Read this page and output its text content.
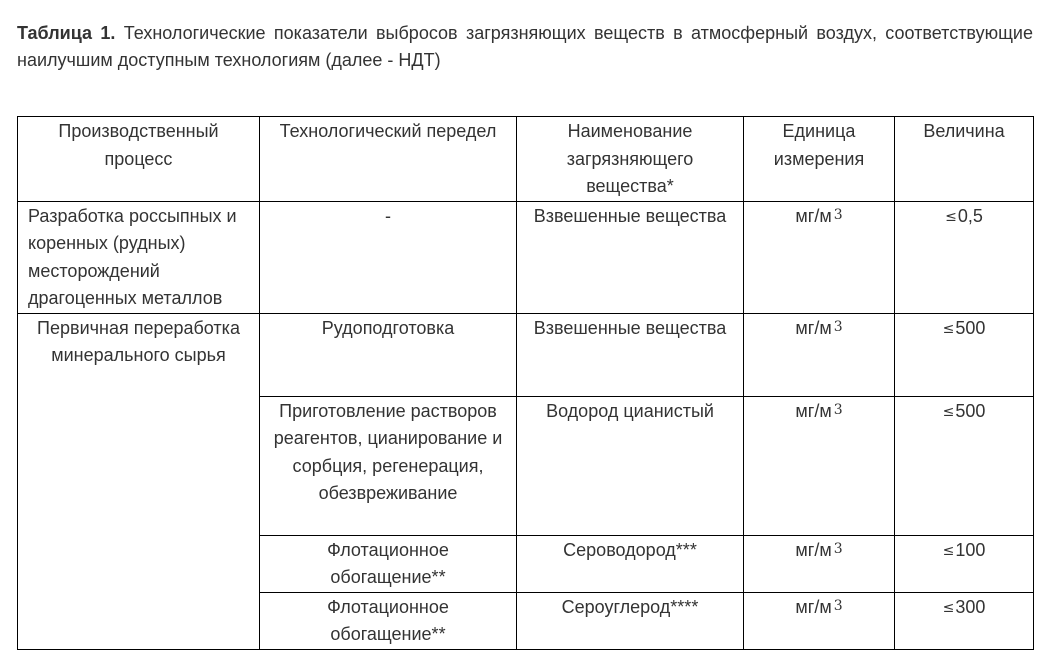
Таблица 1. Технологические показатели выбросов загрязняющих веществ в атмосферный воздух, соответствующие наилучшим доступным технологиям (далее - НДТ)
Производственный процесс	Технологический передел	Наименование загрязняющего вещества*	Единица измерения	Величина
Разработка россыпных и коренных (рудных) месторождений драгоценных металлов	-	Взвешенные вещества	мг/м 3	≤0,5
Первичная переработка минерального сырья	Рудоподготовка	Взвешенные вещества	мг/м 3	≤500
	Приготовление растворов реагентов, цианирование и сорбция, регенерация, обезвреживание	Водород цианистый	мг/м 3	≤500
	Флотационное обогащение**	Сероводород***	мг/м 3	≤100
	Флотационное обогащение**	Сероуглерод****	мг/м 3	≤300
